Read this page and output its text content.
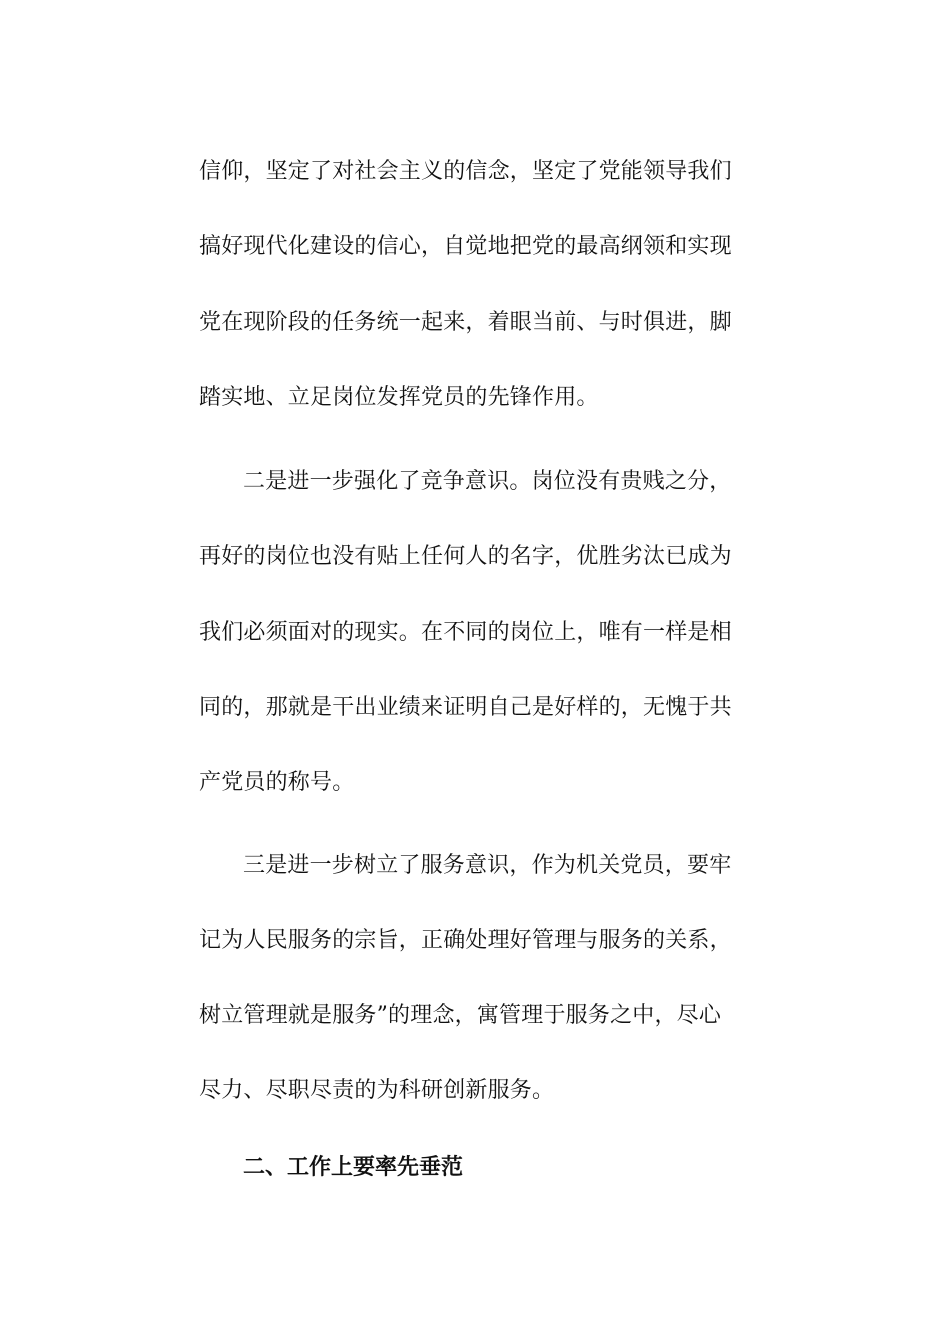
信仰，坚定了对社会主义的信念，坚定了党能领导我们
搞好现代化建设的信心，自觉地把党的最高纲领和实现
党在现阶段的任务统一起来，着眼当前、与时俱进，脚
踏实地、立足岗位发挥党员的先锋作用。
二是进一步强化了竞争意识。岗位没有贵贱之分，
再好的岗位也没有贴上任何人的名字，优胜劣汰已成为
我们必须面对的现实。在不同的岗位上，唯有一样是相
同的，那就是干出业绩来证明自己是好样的，无愧于共
产党员的称号。
三是进一步树立了服务意识，作为机关党员，要牢
记为人民服务的宗旨，正确处理好管理与服务的关系，
树立管理就是服务”的理念，寓管理于服务之中，尽心
尽力、尽职尽责的为科研创新服务。
二、工作上要率先垂范
